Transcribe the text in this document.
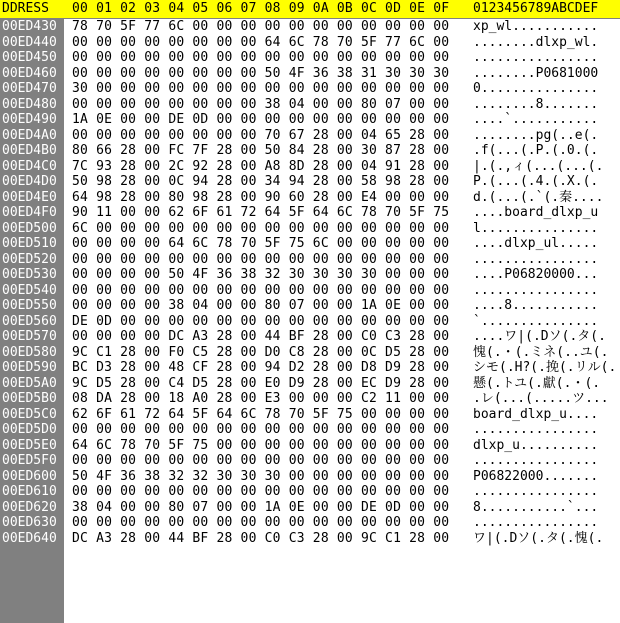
DDRESS

00 01 02 03 04 05 06 07 08 09 0A 0B 0C 0D 0E 0F

0123456789ABCDEF

00ED430 78 70 5F 77 6C 00 00 00 00 00 00 00 00 00 00 00 xp_wl...........
00ED440 00 00 00 00 00 00 00 00 64 6C 78 70 5F 77 6C 00 ........dlxp_wl.
00ED450 00 00 00 00 00 00 00 00 00 00 00 00 00 00 00 00 ................
00ED460 00 00 00 00 00 00 00 00 50 4F 36 38 31 30 30 30 ........P0681000
00ED470 30 00 00 00 00 00 00 00 00 00 00 00 00 00 00 00 0...............
00ED480 00 00 00 00 00 00 00 00 38 04 00 00 80 07 00 00 ........8.......
00ED490 1A 0E 00 00 DE 0D 00 00 00 00 00 00 00 00 00 00 ....`...........
00ED4A0 00 00 00 00 00 00 00 00 70 67 28 00 04 65 28 00 ........pg(..e(.
00ED4B0 80 66 28 00 FC 7F 28 00 50 84 28 00 30 87 28 00 .f(...(.P.(.0.(.
00ED4C0 7C 93 28 00 2C 92 28 00 A8 8D 28 00 04 91 28 00 |.(.,ィ(...(...(.
00ED4D0 50 98 28 00 0C 94 28 00 34 94 28 00 58 98 28 00 P.(...(.4.(.X.(.
00ED4E0 64 98 28 00 80 98 28 00 90 60 28 00 E4 00 00 00 d.(...(.`(.秦....
00ED4F0 90 11 00 00 62 6F 61 72 64 5F 64 6C 78 70 5F 75 ....board_dlxp_u
00ED500 6C 00 00 00 00 00 00 00 00 00 00 00 00 00 00 00 l...............
00ED510 00 00 00 00 64 6C 78 70 5F 75 6C 00 00 00 00 00 ....dlxp_ul.....
00ED520 00 00 00 00 00 00 00 00 00 00 00 00 00 00 00 00 ................
00ED530 00 00 00 00 50 4F 36 38 32 30 30 30 30 00 00 00 ....P06820000...
00ED540 00 00 00 00 00 00 00 00 00 00 00 00 00 00 00 00 ................
00ED550 00 00 00 00 38 04 00 00 80 07 00 00 1A 0E 00 00 ....8...........
00ED560 DE 0D 00 00 00 00 00 00 00 00 00 00 00 00 00 00 `...............
00ED570 00 00 00 00 DC A3 28 00 44 BF 28 00 C0 C3 28 00 ....ワ|(.Dソ(.タ(.
00ED580 9C C1 28 00 F0 C5 28 00 D0 C8 28 00 0C D5 28 00 愧(.・(.ミネ(..ユ(.
00ED590 BC D3 28 00 48 CF 28 00 94 D2 28 00 D8 D9 28 00 シモ(.H?(.挽(.リル(.
00ED5A0 9C D5 28 00 C4 D5 28 00 E0 D9 28 00 EC D9 28 00 懸(.トユ(.獻(.・(.
00ED5B0 08 DA 28 00 18 A0 28 00 E3 00 00 00 C2 11 00 00 .レ(...(.....ツ...
00ED5C0 62 6F 61 72 64 5F 64 6C 78 70 5F 75 00 00 00 00 board_dlxp_u....
00ED5D0 00 00 00 00 00 00 00 00 00 00 00 00 00 00 00 00 ................
00ED5E0 64 6C 78 70 5F 75 00 00 00 00 00 00 00 00 00 00 dlxp_u..........
00ED5F0 00 00 00 00 00 00 00 00 00 00 00 00 00 00 00 00 ................
00ED600 50 4F 36 38 32 32 30 30 30 00 00 00 00 00 00 00 P06822000.......
00ED610 00 00 00 00 00 00 00 00 00 00 00 00 00 00 00 00 ................
00ED620 38 04 00 00 80 07 00 00 1A 0E 00 00 DE 0D 00 00 8...........`...
00ED630 00 00 00 00 00 00 00 00 00 00 00 00 00 00 00 00 ................
00ED640 DC A3 28 00 44 BF 28 00 C0 C3 28 00 9C C1 28 00 ワ|(.Dソ(.タ(.愧(.
